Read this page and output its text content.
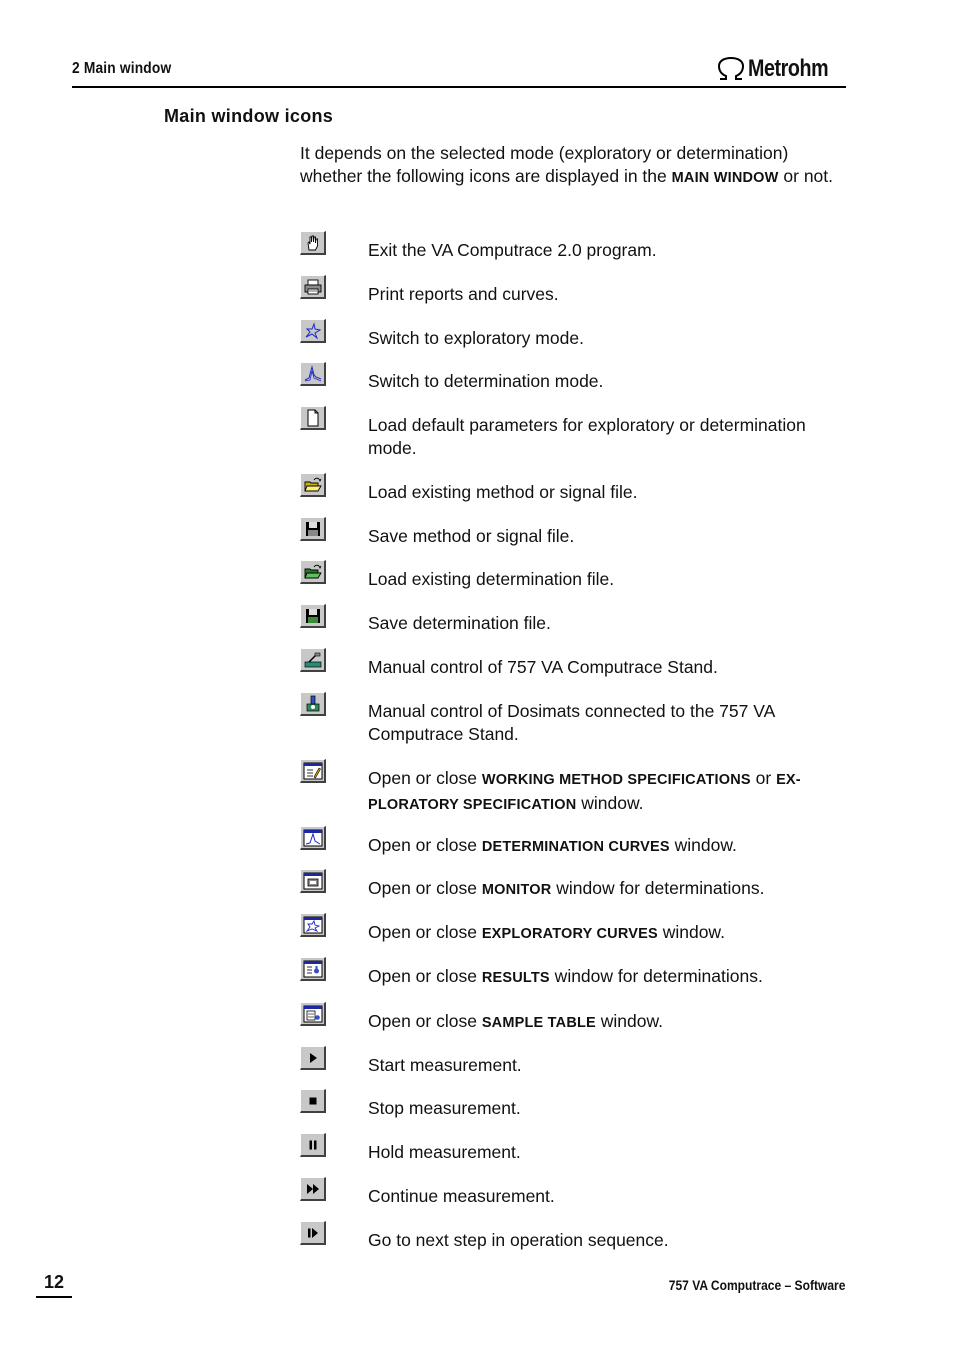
2 Main window	Metrohm
Main window icons
It depends on the selected mode (exploratory or determination) whether the following icons are displayed in the MAIN WINDOW or not.
Exit the VA Computrace 2.0 program.
Print reports and curves.
Switch to exploratory mode.
Switch to determination mode.
Load default parameters for exploratory or determination mode.
Load existing method or signal file.
Save method or signal file.
Load existing determination file.
Save determination file.
Manual control of 757 VA Computrace Stand.
Manual control of Dosimats connected to the 757 VA Computrace Stand.
Open or close WORKING METHOD SPECIFICATIONS or EX-PLORATORY SPECIFICATION window.
Open or close DETERMINATION CURVES window.
Open or close MONITOR window for determinations.
Open or close EXPLORATORY CURVES window.
Open or close RESULTS window for determinations.
Open or close SAMPLE TABLE window.
Start measurement.
Stop measurement.
Hold measurement.
Continue measurement.
Go to next step in operation sequence.
12	757 VA Computrace – Software
